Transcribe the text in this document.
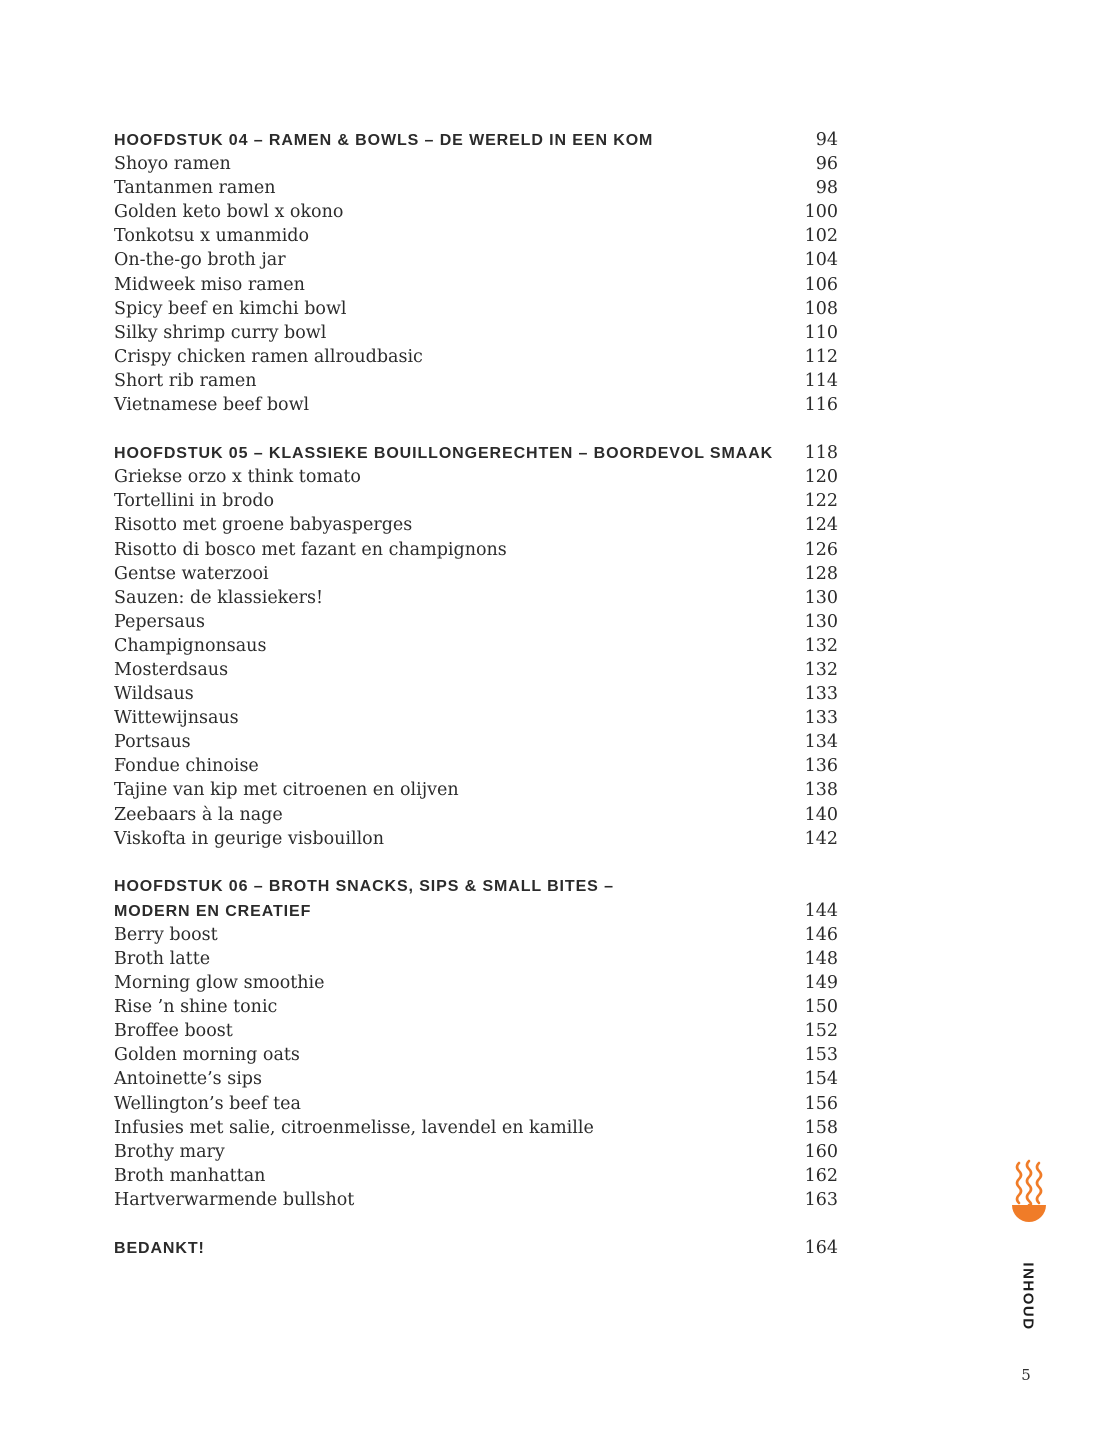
HOOFDSTUK 04 – RAMEN & BOWLS – DE WERELD IN EEN KOM	94
Shoyo ramen	96
Tantanmen ramen	98
Golden keto bowl x okono	100
Tonkotsu x umanmido	102
On-the-go broth jar	104
Midweek miso ramen	106
Spicy beef en kimchi bowl	108
Silky shrimp curry bowl	110
Crispy chicken ramen allroudbasic	112
Short rib ramen	114
Vietnamese beef bowl	116
HOOFDSTUK 05 – KLASSIEKE BOUILLONGERECHTEN – BOORDEVOL SMAAK	118
Griekse orzo x think tomato	120
Tortellini in brodo	122
Risotto met groene babyasperges	124
Risotto di bosco met fazant en champignons	126
Gentse waterzooi	128
Sauzen: de klassiekers!	130
Pepersaus	130
Champignonsaus	132
Mosterdsaus	132
Wildsaus	133
Wittewijnsaus	133
Portsaus	134
Fondue chinoise	136
Tajine van kip met citroenen en olijven	138
Zeebaars à la nage	140
Viskofta in geurige visbouillon	142
HOOFDSTUK 06 – BROTH SNACKS, SIPS & SMALL BITES –
MODERN EN CREATIEF	144
Berry boost	146
Broth latte	148
Morning glow smoothie	149
Rise ’n shine tonic	150
Broffee boost	152
Golden morning oats	153
Antoinette’s sips	154
Wellington’s beef tea	156
Infusies met salie, citroenmelisse, lavendel en kamille	158
Brothy mary	160
Broth manhattan	162
Hartverwarmende bullshot	163
BEDANKT!	164
INHOUD
5
